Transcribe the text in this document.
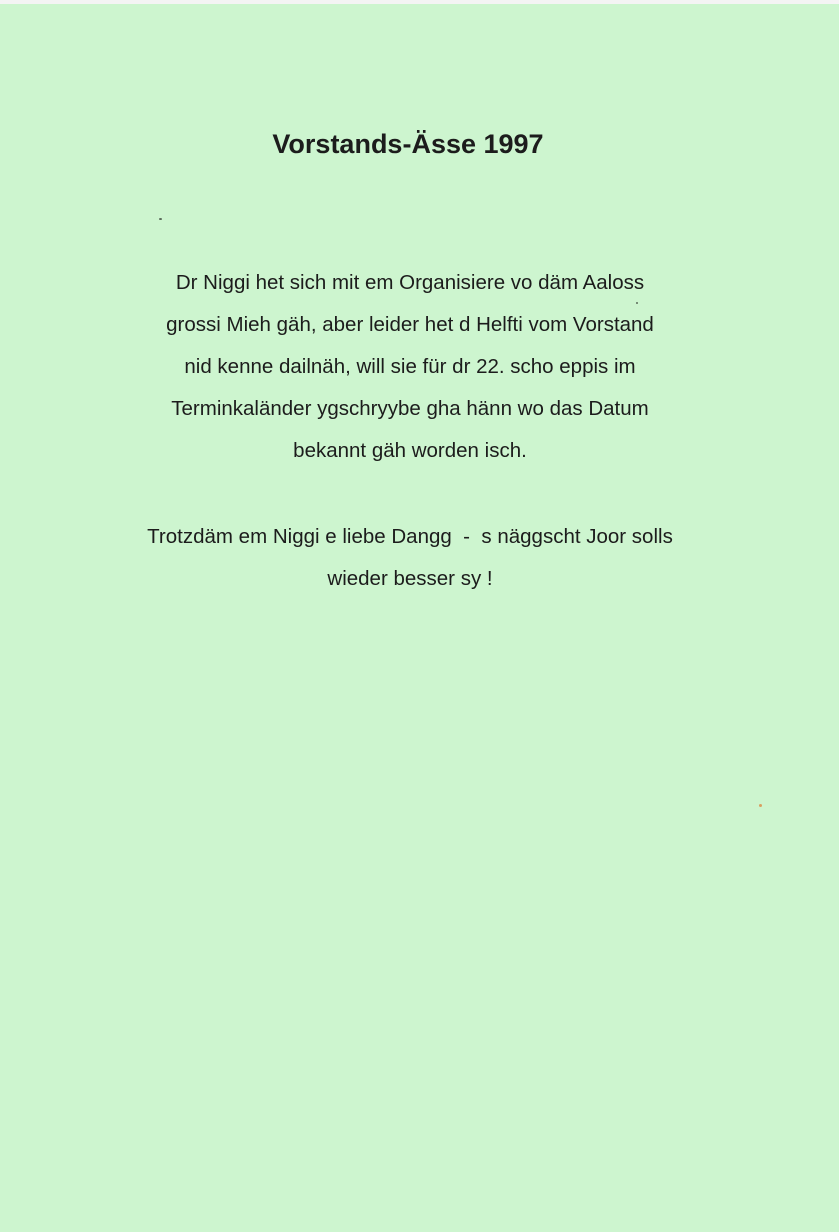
Vorstands-Ässe 1997

Dr Niggi het sich mit em Organisiere vo däm Aaloss
grossi Mieh gäh, aber leider het d Helfti vom Vorstand
nid kenne dailnäh, will sie für dr 22. scho eppis im
Terminkaländer ygschryybe gha hänn wo das Datum
bekannt gäh worden isch.

Trotzdäm em Niggi e liebe Dangg  -  s näggscht Joor solls
wieder besser sy !
